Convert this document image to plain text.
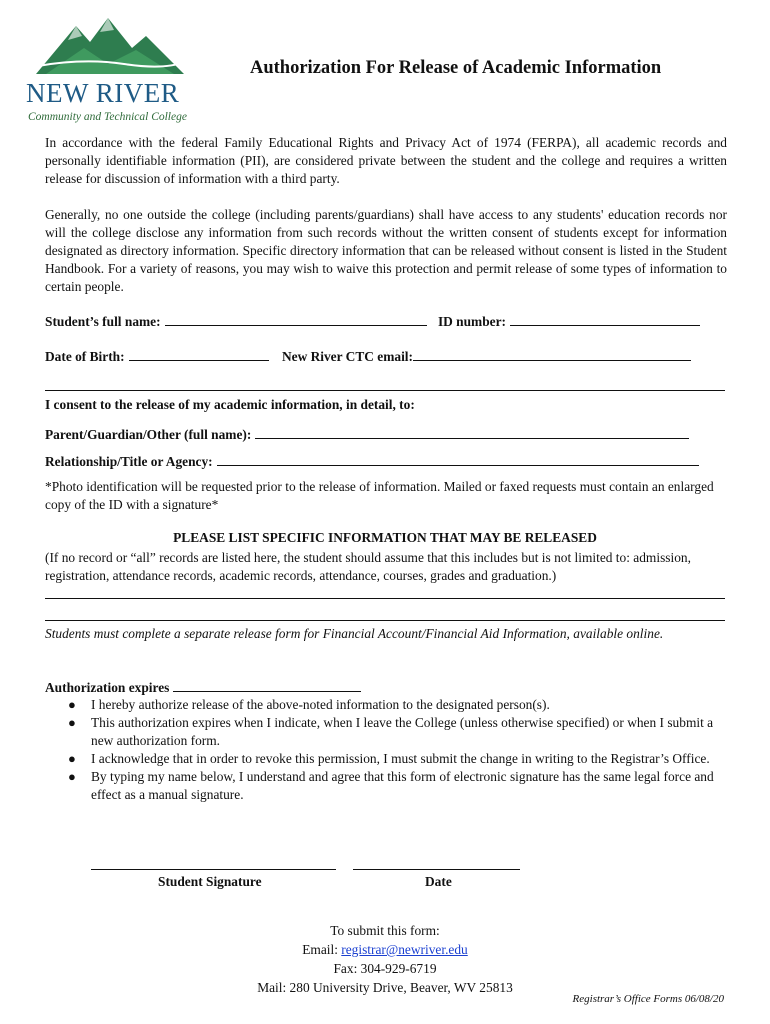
NEW RIVER
Community and Technical College
Authorization For Release of Academic Information
In accordance with the federal Family Educational Rights and Privacy Act of 1974 (FERPA), all academic records and personally identifiable information (PII), are considered private between the student and the college and requires a written release for discussion of information with a third party.
Generally, no one outside the college (including parents/guardians) shall have access to any students' education records nor will the college disclose any information from such records without the written consent of students except for information designated as directory information. Specific directory information that can be released without consent is listed in the Student Handbook. For a variety of reasons, you may wish to waive this protection and permit release of some types of information to certain people.
Student’s full name:	ID number:
Date of Birth:	New River CTC email:
I consent to the release of my academic information, in detail, to:
Parent/Guardian/Other (full name):
Relationship/Title or Agency:
*Photo identification will be requested prior to the release of information. Mailed or faxed requests must contain an enlarged copy of the ID with a signature*
PLEASE LIST SPECIFIC INFORMATION THAT MAY BE RELEASED
(If no record or “all” records are listed here, the student should assume that this includes but is not limited to: admission, registration, attendance records, academic records, attendance, courses, grades and graduation.)
Students must complete a separate release form for Financial Account/Financial Aid Information, available online.
Authorization expires
● I hereby authorize release of the above-noted information to the designated person(s).
● This authorization expires when I indicate, when I leave the College (unless otherwise specified) or when I submit a new authorization form.
● I acknowledge that in order to revoke this permission, I must submit the change in writing to the Registrar’s Office.
● By typing my name below, I understand and agree that this form of electronic signature has the same legal force and effect as a manual signature.
Student Signature	Date
To submit this form:
Email: registrar@newriver.edu
Fax: 304-929-6719
Mail: 280 University Drive, Beaver, WV 25813
Registrar’s Office Forms 06/08/20
